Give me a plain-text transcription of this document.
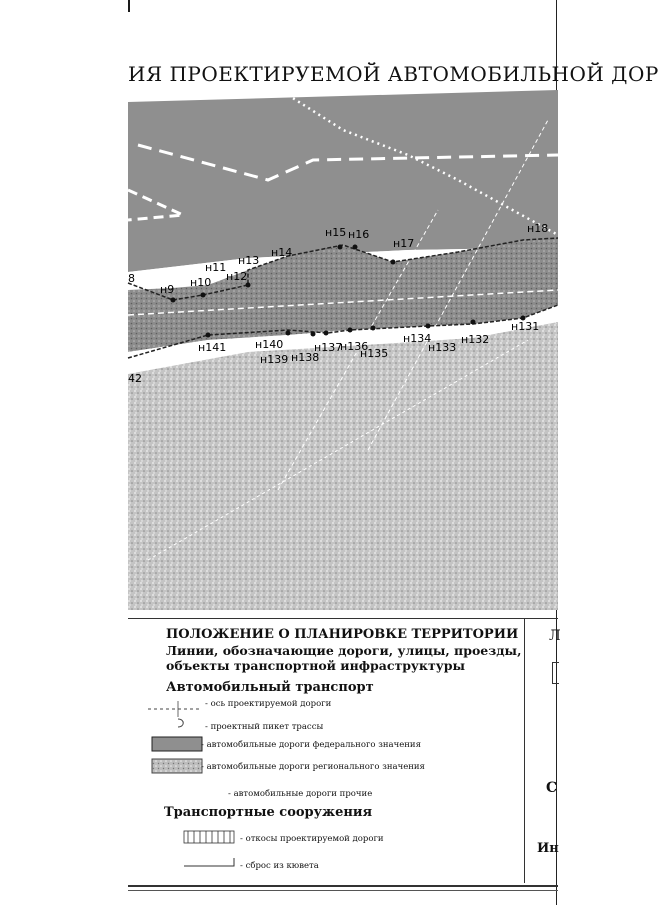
ИЯ ПРОЕКТИРУЕМОЙ АВТОМОБИЛЬНОЙ ДОР
8
н9
н10
н11
н12
н13
н14
н15 н16
н17
н18
н131
н132
н133
н134
н135
н136
н137
н138
н139
н140
н141
42
ПОЛОЖЕНИЕ О ПЛАНИРОВКЕ ТЕРРИТОРИИ
Линии, обозначающие дороги, улицы, проезды, объекты транспортной инфраструктуры
Автомобильный транспорт
- ось проектируемой дороги
- проектный пикет трассы
- автомобильные дороги федерального значения
- автомобильные дороги регионального значения
- автомобильные дороги прочие
Транспортные сооружения
- откосы проектируемой дороги
- сброс из кювета
Л
С
Ин
